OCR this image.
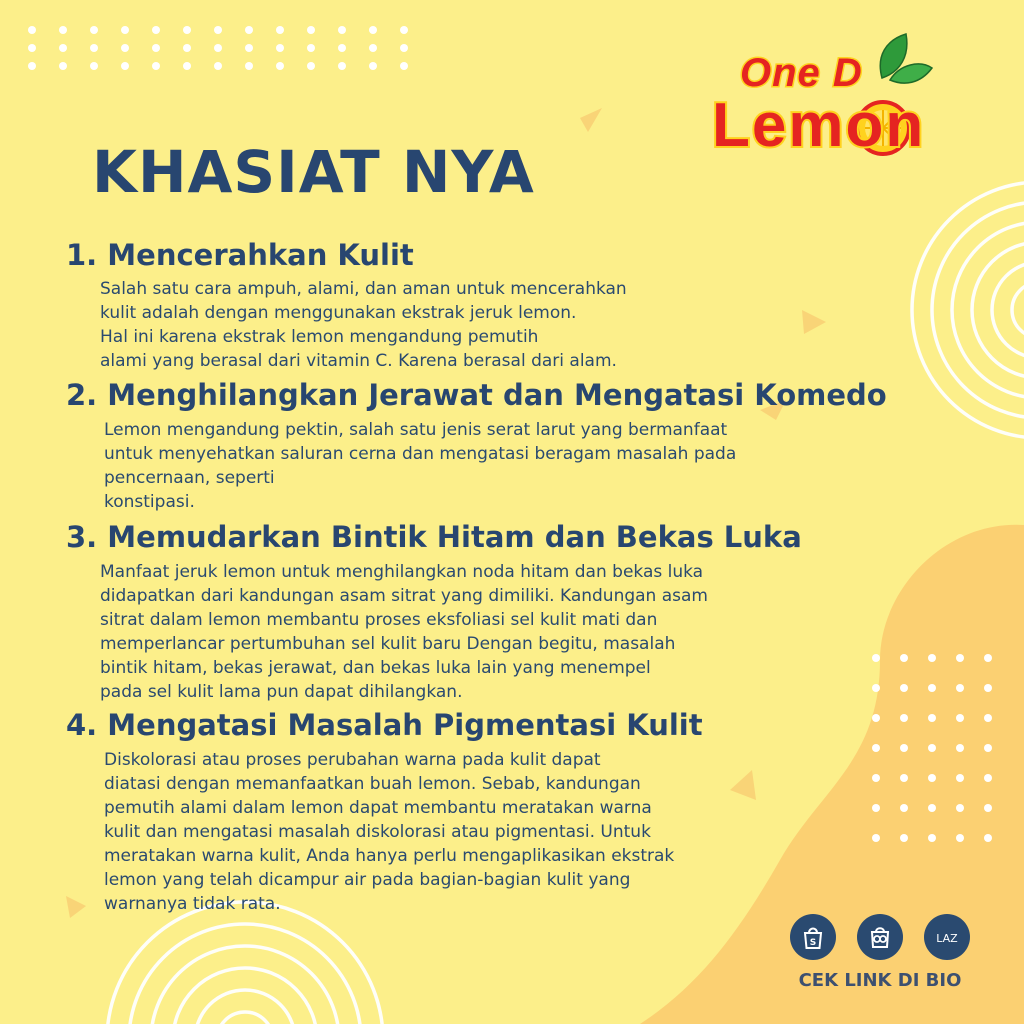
One D
Lemon
KHASIAT NYA
1. Mencerahkan Kulit
Salah satu cara ampuh, alami, dan aman untuk mencerahkan
kulit adalah dengan menggunakan ekstrak jeruk lemon.
Hal ini karena ekstrak lemon mengandung pemutih
alami yang berasal dari vitamin C. Karena berasal dari alam.
2. Menghilangkan Jerawat dan Mengatasi Komedo
Lemon mengandung pektin, salah satu jenis serat larut yang bermanfaat
untuk menyehatkan saluran cerna dan mengatasi beragam masalah pada
pencernaan, seperti
konstipasi.
3. Memudarkan Bintik Hitam dan Bekas Luka
Manfaat jeruk lemon untuk menghilangkan noda hitam dan bekas luka
didapatkan dari kandungan asam sitrat yang dimiliki. Kandungan asam
sitrat dalam lemon membantu proses eksfoliasi sel kulit mati dan
memperlancar pertumbuhan sel kulit baru Dengan begitu, masalah
bintik hitam, bekas jerawat, dan bekas luka lain yang menempel
pada sel kulit lama pun dapat dihilangkan.
4. Mengatasi Masalah Pigmentasi Kulit
Diskolorasi atau proses perubahan warna pada kulit dapat
diatasi dengan memanfaatkan buah lemon. Sebab, kandungan
pemutih alami dalam lemon dapat membantu meratakan warna
kulit dan mengatasi masalah diskolorasi atau pigmentasi. Untuk
meratakan warna kulit, Anda hanya perlu mengaplikasikan ekstrak
lemon yang telah dicampur air pada bagian-bagian kulit yang
warnanya tidak rata.
S	LAZ
CEK LINK DI BIO
